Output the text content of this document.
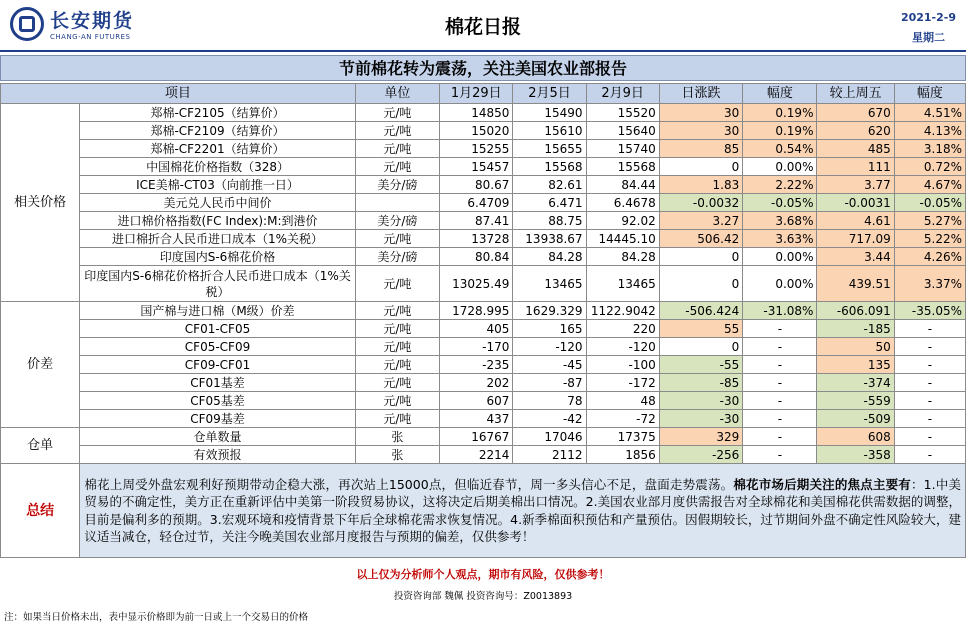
长安期货
CHANG-AN FUTURES	棉花日报	2021-2-9
星期二
节前棉花转为震荡，关注美国农业部报告
项目		单位	1月29日	2月5日	2月9日	日涨跌	幅度	较上周五	幅度
相关价格	郑棉-CF2105（结算价）	元/吨	14850	15490	15520	30	0.19%	670	4.51%
	郑棉-CF2109（结算价）	元/吨	15020	15610	15640	30	0.19%	620	4.13%
	郑棉-CF2201（结算价）	元/吨	15255	15655	15740	85	0.54%	485	3.18%
	中国棉花价格指数（328）	元/吨	15457	15568	15568	0	0.00%	111	0.72%
	ICE美棉-CT03（向前推一日）	美分/磅	80.67	82.61	84.44	1.83	2.22%	3.77	4.67%
	美元兑人民币中间价		6.4709	6.471	6.4678	-0.0032	-0.05%	-0.0031	-0.05%
	进口棉价格指数(FC Index):M:到港价	美分/磅	87.41	88.75	92.02	3.27	3.68%	4.61	5.27%
	进口棉折合人民币进口成本（1%关税）	元/吨	13728	13938.67	14445.10	506.42	3.63%	717.09	5.22%
	印度国内S-6棉花价格	美分/磅	80.84	84.28	84.28	0	0.00%	3.44	4.26%
	印度国内S-6棉花价格折合人民币进口成本（1%关税）	元/吨	13025.49	13465	13465	0	0.00%	439.51	3.37%
价差	国产棉与进口棉（M级）价差	元/吨	1728.995	1629.329	1122.9042	-506.424	-31.08%	-606.091	-35.05%
	CF01-CF05	元/吨	405	165	220	55	-	-185	-
	CF05-CF09	元/吨	-170	-120	-120	0	-	50	-
	CF09-CF01	元/吨	-235	-45	-100	-55	-	135	-
	CF01基差	元/吨	202	-87	-172	-85	-	-374	-
	CF05基差	元/吨	607	78	48	-30	-	-559	-
	CF09基差	元/吨	437	-42	-72	-30	-	-509	-
仓单	仓单数量	张	16767	17046	17375	329	-	608	-
	有效预报	张	2214	2112	1856	-256	-	-358	-
总结	棉花上周受外盘宏观利好预期带动企稳大涨，再次站上15000点，但临近春节，周一多头信心不足，盘面走势震荡。棉花市场后期关注的焦点主要有：1.中美贸易的不确定性，美方正在重新评估中美第一阶段贸易协议，这将决定后期美棉出口情况。2.美国农业部月度供需报告对全球棉花和美国棉花供需数据的调整，目前是偏利多的预期。3.宏观环境和疫情背景下年后全球棉花需求恢复情况。4.新季棉面积预估和产量预估。因假期较长，过节期间外盘不确定性风险较大，建议适当减仓，轻仓过节，关注今晚美国农业部月度报告与预期的偏差，仅供参考！								
以上仅为分析师个人观点，期市有风险，仅供参考！
投资咨询部 魏佩 投资咨询号：Z0013893
注：如果当日价格未出，表中显示价格即为前一日或上一个交易日的价格
